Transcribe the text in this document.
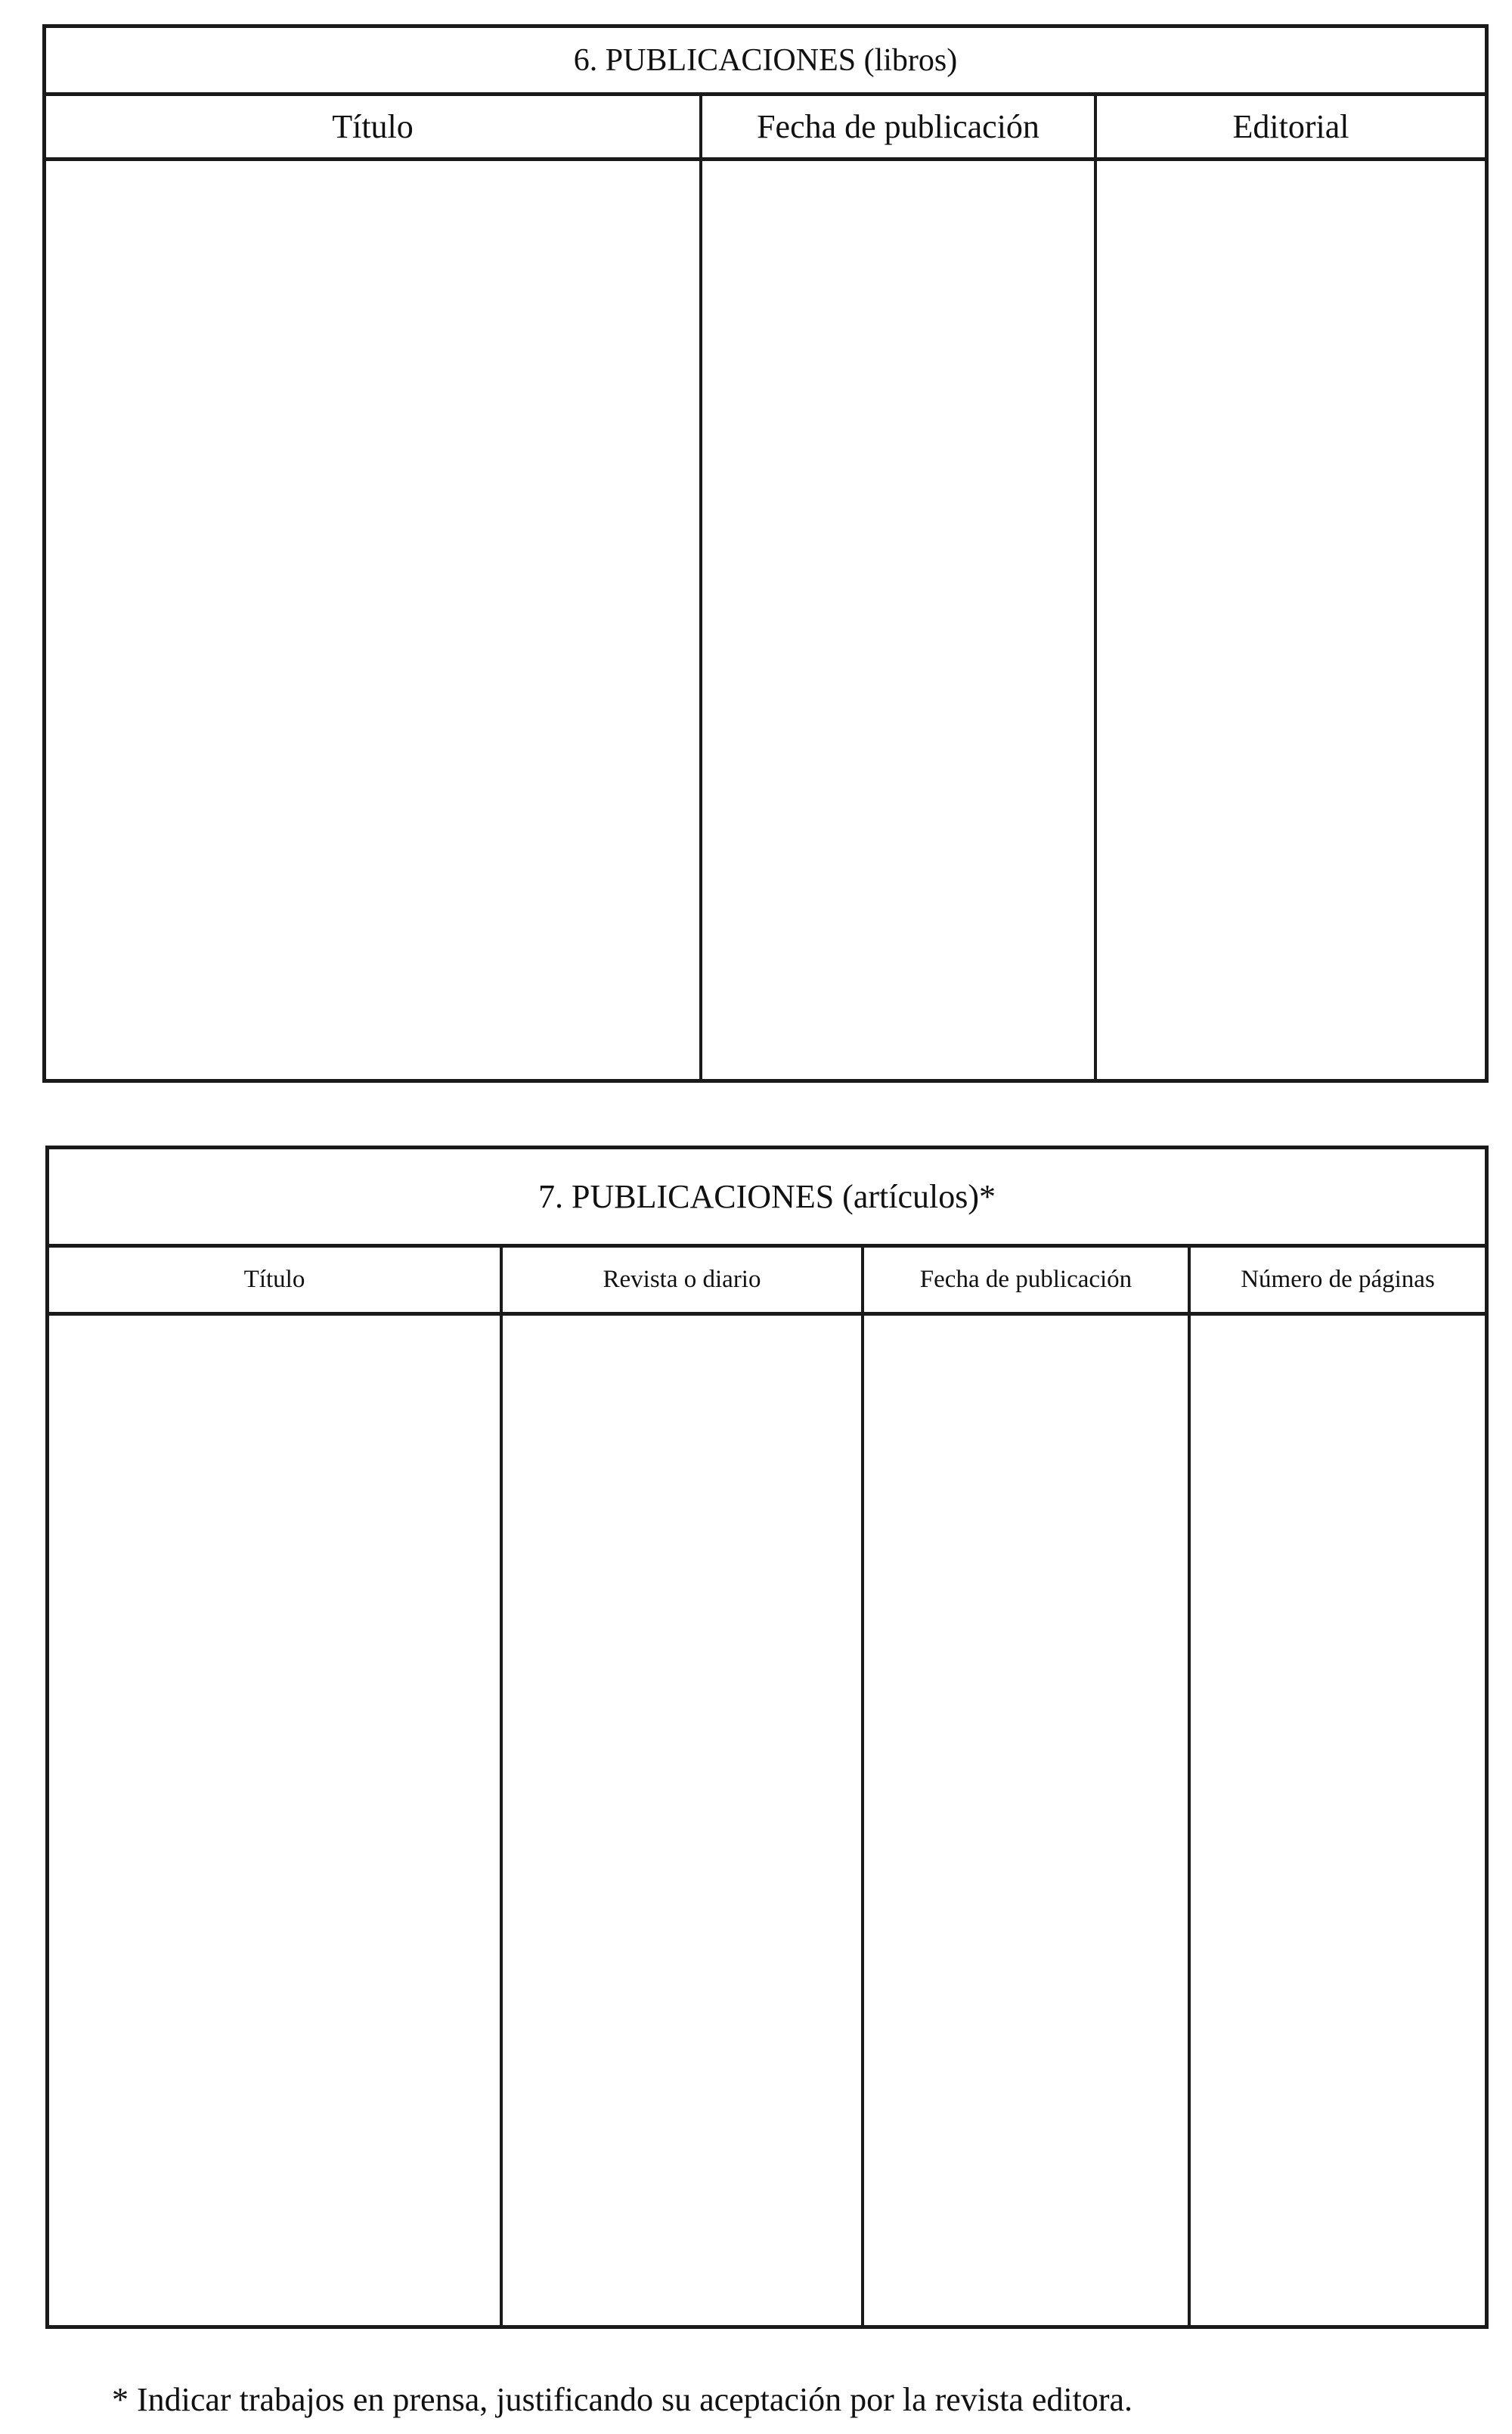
6. PUBLICACIONES (libros)
Título	Fecha de publicación	Editorial
7. PUBLICACIONES (artículos)*
Título	Revista o diario	Fecha de publicación	Número de páginas
* Indicar trabajos en prensa, justificando su aceptación por la revista editora.
